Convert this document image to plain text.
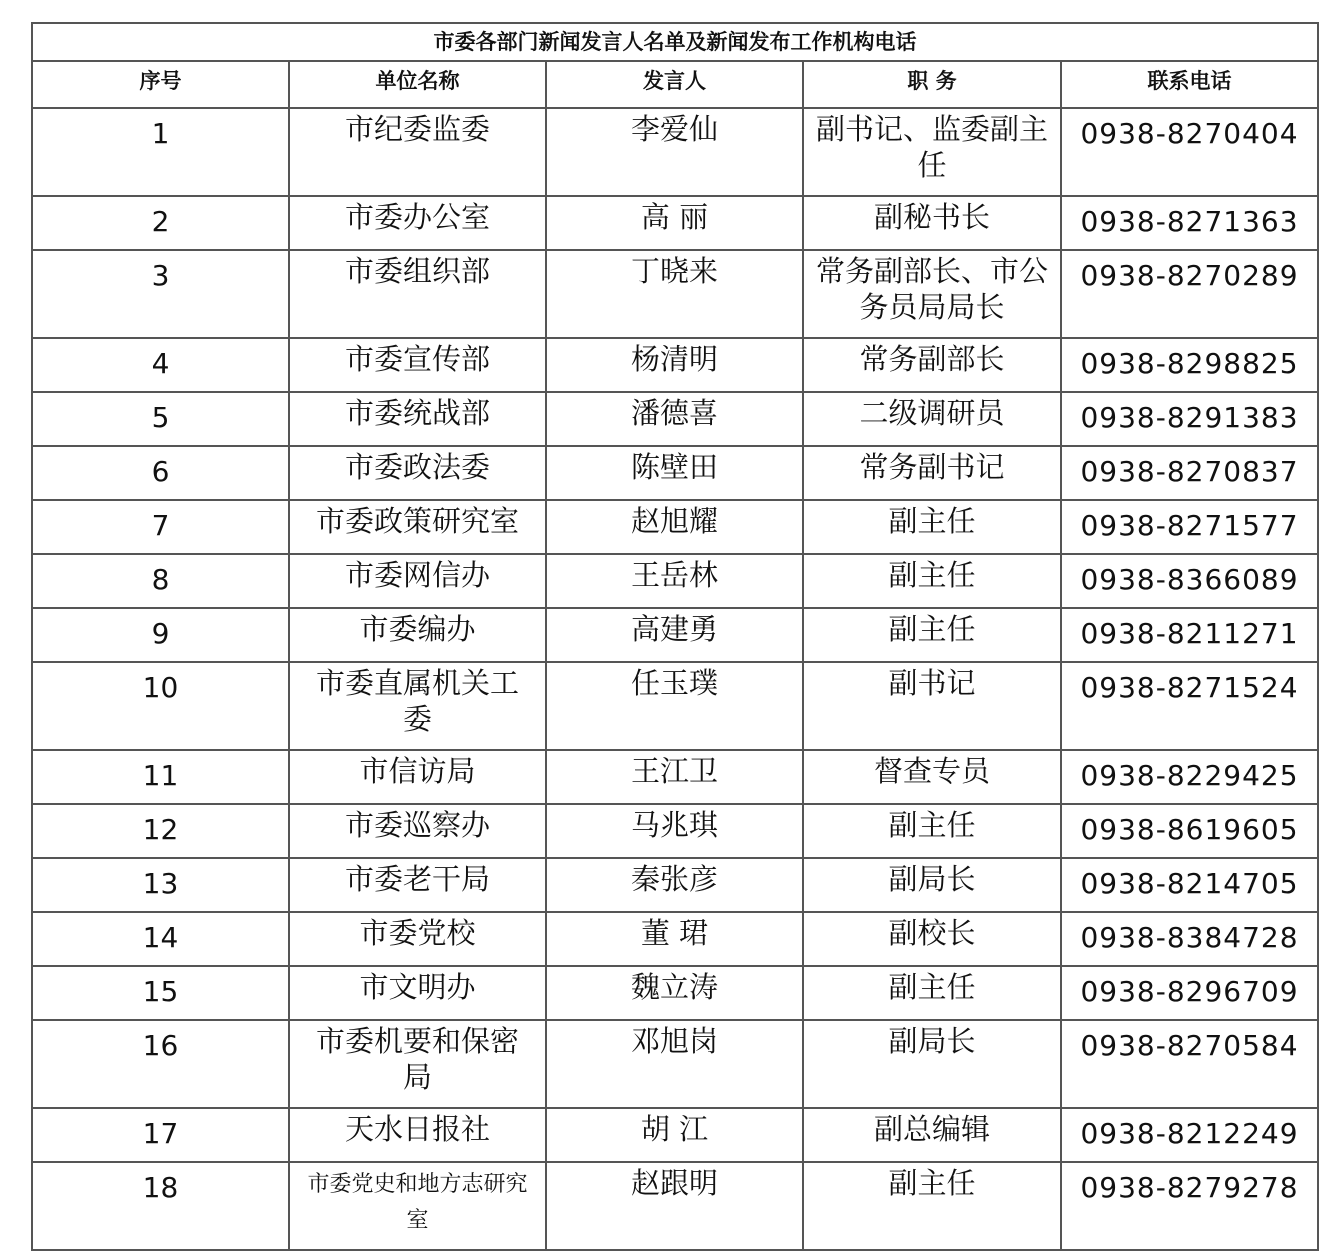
市委各部门新闻发言人名单及新闻发布工作机构电话				
序号	单位名称	发言人	职 务	联系电话
1	市纪委监委	李爱仙	副书记、监委副主任	0938-8270404
2	市委办公室	高 丽	副秘书长	0938-8271363
3	市委组织部	丁晓来	常务副部长、市公务员局局长	0938-8270289
4	市委宣传部	杨清明	常务副部长	0938-8298825
5	市委统战部	潘德喜	二级调研员	0938-8291383
6	市委政法委	陈壁田	常务副书记	0938-8270837
7	市委政策研究室	赵旭耀	副主任	0938-8271577
8	市委网信办	王岳林	副主任	0938-8366089
9	市委编办	高建勇	副主任	0938-8211271
10	市委直属机关工委	任玉璞	副书记	0938-8271524
11	市信访局	王江卫	督查专员	0938-8229425
12	市委巡察办	马兆琪	副主任	0938-8619605
13	市委老干局	秦张彦	副局长	0938-8214705
14	市委党校	董 珺	副校长	0938-8384728
15	市文明办	魏立涛	副主任	0938-8296709
16	市委机要和保密局	邓旭岗	副局长	0938-8270584
17	天水日报社	胡 江	副总编辑	0938-8212249
18	市委党史和地方志研究室	赵跟明	副主任	0938-8279278
